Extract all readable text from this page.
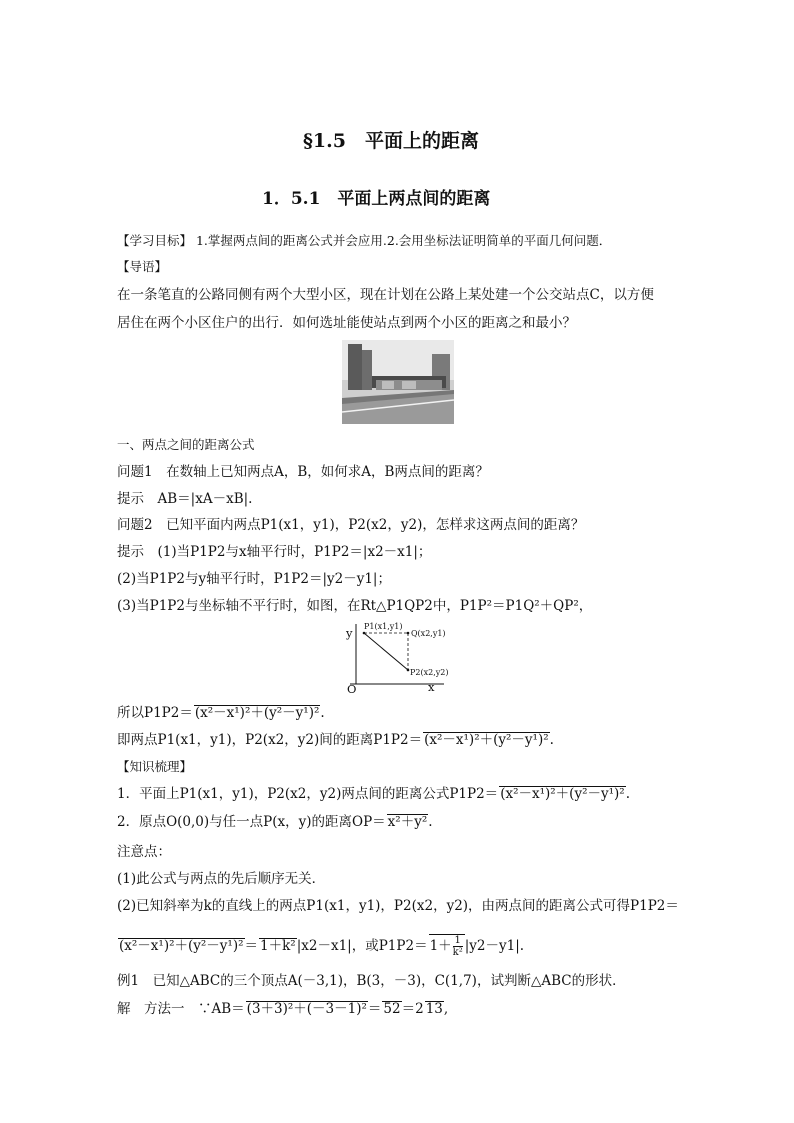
§1.5　平面上的距离
1．5.1　平面上两点间的距离
【学习目标】 1.掌握两点间的距离公式并会应用.2.会用坐标法证明简单的平面几何问题．
【导语】
在一条笔直的公路同侧有两个大型小区，现在计划在公路上某处建一个公交站点C，以方便
居住在两个小区住户的出行．如何选址能使站点到两个小区的距离之和最小？
一、两点之间的距离公式
问题1　在数轴上已知两点A，B，如何求A，B两点间的距离？
提示　AB＝|xA－xB|.
问题2　已知平面内两点P1(x1，y1)，P2(x2，y2)，怎样求这两点间的距离？
提示　(1)当P1P2与x轴平行时，P1P2＝|x2－x1|；
(2)当P1P2与y轴平行时，P1P2＝|y2－y1|；
(3)当P1P2与坐标轴不平行时，如图，在Rt△P1QP2中，P1P²＝P1Q²＋QP²，
y
x
O
P1(x1,y1)
Q(x2,y1)
P2(x2,y2)
所以P1P2＝ (x²－x¹)²＋(y²－y¹)².
即两点P1(x1，y1)，P2(x2，y2)间的距离P1P2＝ (x²－x¹)²＋(y²－y¹)².
【知识梳理】
1．平面上P1(x1，y1)，P2(x2，y2)两点间的距离公式P1P2＝ (x²－x¹)²＋(y²－y¹)².
2．原点O(0,0)与任一点P(x，y)的距离OP＝ x²＋y².
注意点：
(1)此公式与两点的先后顺序无关．
(2)已知斜率为k的直线上的两点P1(x1，y1)，P2(x2，y2)，由两点间的距离公式可得P1P2＝
(x²－x¹)²＋(y²－y¹)²＝ 1＋k²|x2－x1|，或$P1P2= 1+ \frac{1}{\text{k²}} |y2-y1|$.
例1　已知△ABC的三个顶点A(－3,1)，B(3，－3)，C(1,7)，试判断△ABC的形状．
解　方法一　∵AB＝ (3＋3)²＋(－3－1)²＝ 52＝2 13,
